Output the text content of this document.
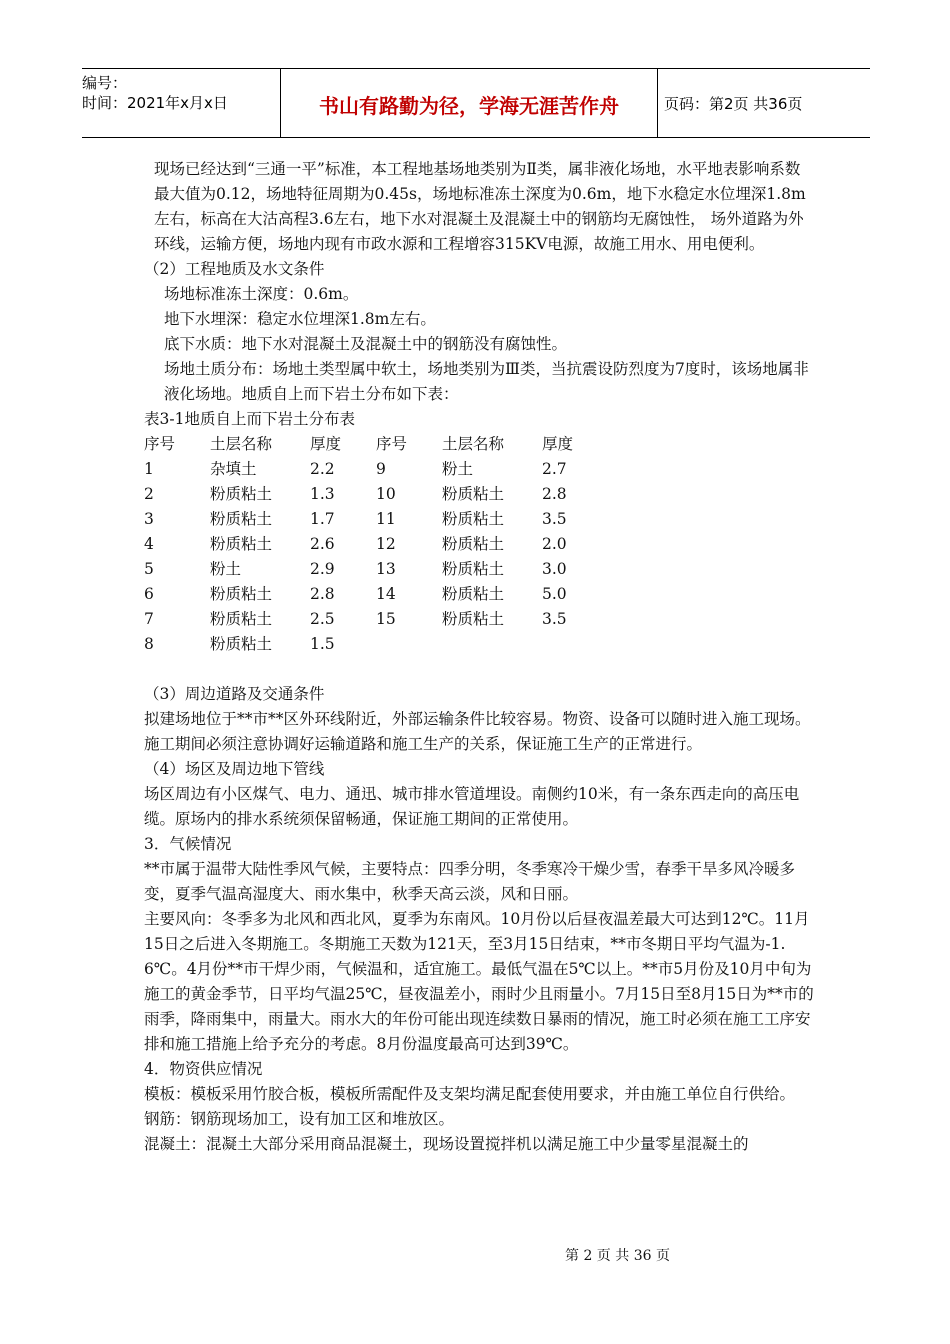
编号：
时间：2021年x月x日	书山有路勤为径，学海无涯苦作舟	页码：第2页 共36页

现场已经达到“三通一平”标准，本工程地基场地类别为Ⅱ类，属非液化场地，水平地表影响系数最大值为0.12，场地特征周期为0.45s，场地标准冻土深度为0.6m，地下水稳定水位埋深1.8m左右，标高在大沽高程3.6左右，地下水对混凝土及混凝土中的钢筋均无腐蚀性， 场外道路为外环线，运输方便，场地内现有市政水源和工程增容315KV电源，故施工用水、用电便利。

（2）工程地质及水文条件

场地标准冻土深度：0.6m。

地下水埋深：稳定水位埋深1.8m左右。

底下水质：地下水对混凝土及混凝土中的钢筋没有腐蚀性。

场地土质分布：场地土类型属中软土，场地类别为Ⅲ类，当抗震设防烈度为7度时，该场地属非液化场地。地质自上而下岩土分布如下表：

表3-1地质自上而下岩土分布表

序号	土层名称	厚度	序号	土层名称	厚度
1	杂填土	2.2	9	粉土	2.7
2	粉质粘土	1.3	10	粉质粘土	2.8
3	粉质粘土	1.7	11	粉质粘土	3.5
4	粉质粘土	2.6	12	粉质粘土	2.0
5	粉土	2.9	13	粉质粘土	3.0
6	粉质粘土	2.8	14	粉质粘土	5.0
7	粉质粘土	2.5	15	粉质粘土	3.5
8	粉质粘土	1.5			

（3）周边道路及交通条件

拟建场地位于**市**区外环线附近，外部运输条件比较容易。物资、设备可以随时进入施工现场。施工期间必须注意协调好运输道路和施工生产的关系，保证施工生产的正常进行。

（4）场区及周边地下管线

场区周边有小区煤气、电力、通迅、城市排水管道埋设。南侧约10米，有一条东西走向的高压电缆。原场内的排水系统须保留畅通，保证施工期间的正常使用。

3．气候情况

**市属于温带大陆性季风气候，主要特点：四季分明，冬季寒冷干燥少雪，春季干旱多风冷暖多变，夏季气温高湿度大、雨水集中，秋季天高云淡，风和日丽。

主要风向：冬季多为北风和西北风，夏季为东南风。10月份以后昼夜温差最大可达到12℃。11月15日之后进入冬期施工。冬期施工天数为121天，至3月15日结束，**市冬期日平均气温为-1.6℃。4月份**市干焊少雨，气候温和，适宜施工。最低气温在5℃以上。**市5月份及10月中旬为施工的黄金季节，日平均气温25℃，昼夜温差小，雨时少且雨量小。7月15日至8月15日为**市的雨季，降雨集中，雨量大。雨水大的年份可能出现连续数日暴雨的情况，施工时必须在施工工序安排和施工措施上给予充分的考虑。8月份温度最高可达到39℃。

4．物资供应情况

模板：模板采用竹胶合板，模板所需配件及支架均满足配套使用要求，并由施工单位自行供给。

钢筋：钢筋现场加工，设有加工区和堆放区。

混凝土：混凝土大部分采用商品混凝土，现场设置搅拌机以满足施工中少量零星混凝土的

第 2 页 共 36 页
